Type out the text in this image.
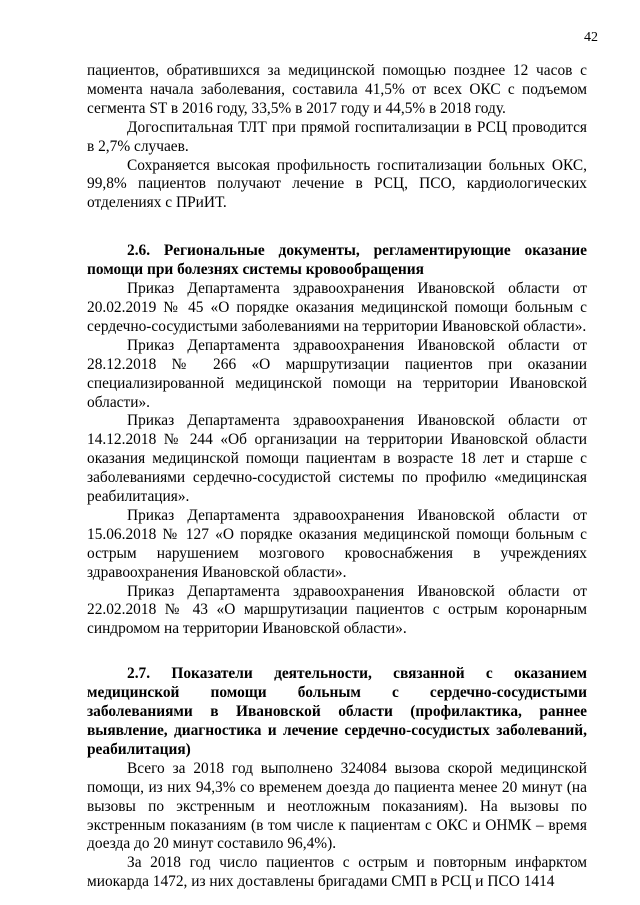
42

пациентов, обратившихся за медицинской помощью позднее 12 часов с момента начала заболевания, составила 41,5% от всех ОКС с подъемом сегмента ST в 2016 году, 33,5% в 2017 году и 44,5% в 2018 году.

Догоспитальная ТЛТ при прямой госпитализации в РСЦ проводится в 2,7% случаев.

Сохраняется высокая профильность госпитализации больных ОКС, 99,8% пациентов получают лечение в РСЦ, ПСО, кардиологических отделениях с ПРиИТ.

2.6. Региональные документы, регламентирующие оказание помощи при болезнях системы кровообращения

Приказ Департамента здравоохранения Ивановской области от 20.02.2019 № 45 «О порядке оказания медицинской помощи больным с сердечно-сосудистыми заболеваниями на территории Ивановской области».

Приказ Департамента здравоохранения Ивановской области от 28.12.2018 № 266 «О маршрутизации пациентов при оказании специализированной медицинской помощи на территории Ивановской области».

Приказ Департамента здравоохранения Ивановской области от 14.12.2018 № 244 «Об организации на территории Ивановской области оказания медицинской помощи пациентам в возрасте 18 лет и старше с заболеваниями сердечно-сосудистой системы по профилю «медицинская реабилитация».

Приказ Департамента здравоохранения Ивановской области от 15.06.2018 № 127 «О порядке оказания медицинской помощи больным с острым нарушением мозгового кровоснабжения в учреждениях здравоохранения Ивановской области».

Приказ Департамента здравоохранения Ивановской области от 22.02.2018 № 43 «О маршрутизации пациентов с острым коронарным синдромом на территории Ивановской области».

2.7. Показатели деятельности, связанной с оказанием медицинской помощи больным с сердечно-сосудистыми заболеваниями в Ивановской области (профилактика, раннее выявление, диагностика и лечение сердечно-сосудистых заболеваний, реабилитация)

Всего за 2018 год выполнено 324084 вызова скорой медицинской помощи, из них 94,3% со временем доезда до пациента менее 20 минут (на вызовы по экстренным и неотложным показаниям). На вызовы по экстренным показаниям (в том числе к пациентам с ОКС и ОНМК – время доезда до 20 минут составило 96,4%).

За 2018 год число пациентов с острым и повторным инфарктом миокарда 1472, из них доставлены бригадами СМП в РСЦ и ПСО 1414
